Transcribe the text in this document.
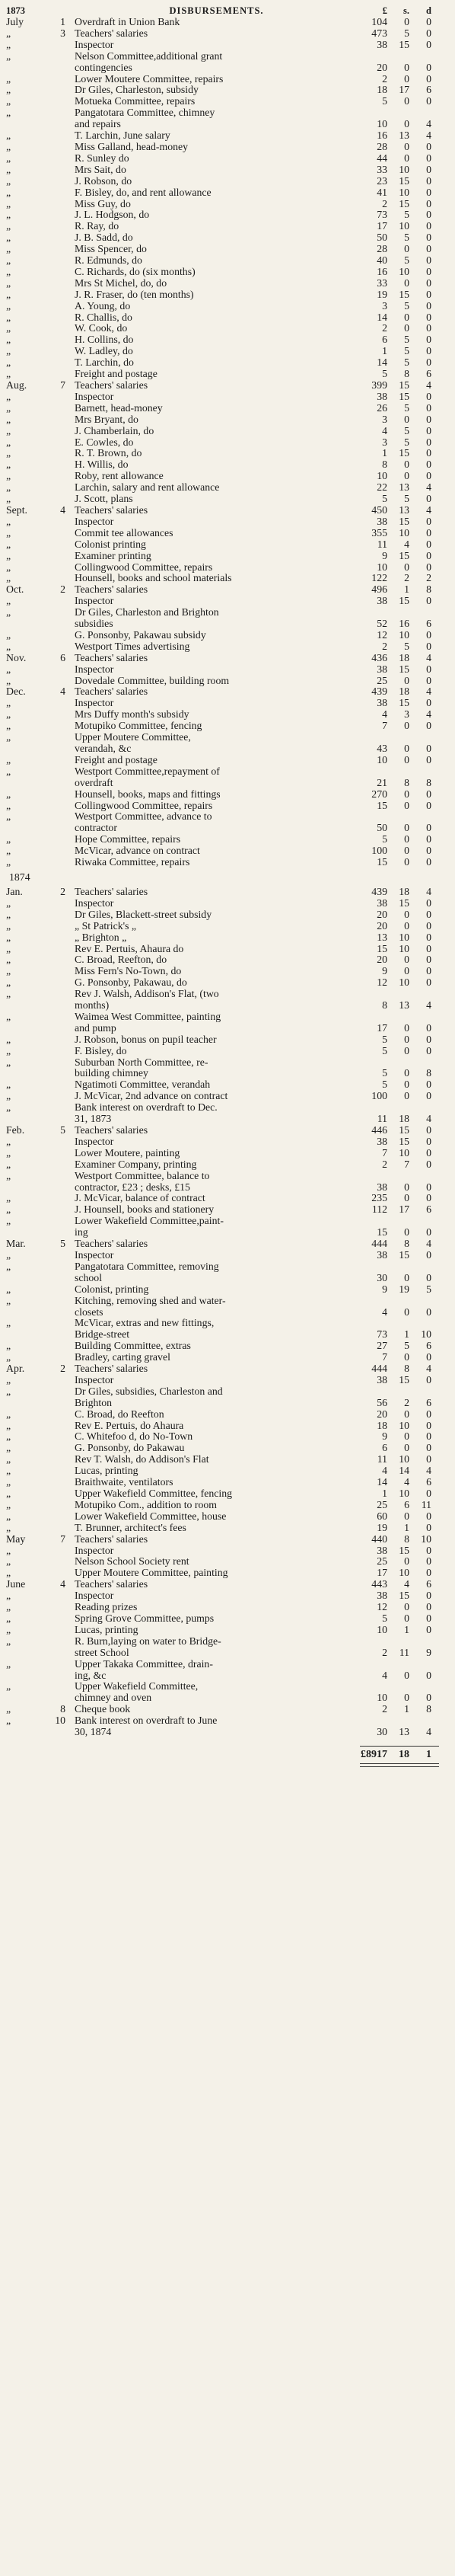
1873	DISBURSEMENTS.	£	s.	d
July	1 Overdraft in Union Bank	104	0	0
„	3 Teachers' salaries	473	5	0
„	Inspector	38	15	0
„	Nelson Committee,additional grant
contingencies	20	0	0
„	Lower Moutere Committee, repairs	2	0	0
„	Dr Giles, Charleston, subsidy	18	17	6
„	Motueka Committee, repairs	5	0	0
„	Pangatotara Committee, chimney
and repairs	10	0	4
„	T. Larchin, June salary	16	13	4
„	Miss Galland, head-money	28	0	0
„	R. Sunley do	44	0	0
„	Mrs Sait, do	33	10	0
„	J. Robson, do	23	15	0
„	F. Bisley, do, and rent allowance	41	10	0
„	Miss Guy, do	2	15	0
„	J. L. Hodgson, do	73	5	0
„	R. Ray, do	17	10	0
„	J. B. Sadd, do	50	5	0
„	Miss Spencer, do	28	0	0
„	R. Edmunds, do	40	5	0
„	C. Richards, do (six months)	16	10	0
„	Mrs St Michel, do, do	33	0	0
„	J. R. Fraser, do (ten months)	19	15	0
„	A. Young, do	3	5	0
„	R. Challis, do	14	0	0
„	W. Cook, do	2	0	0
„	H. Collins, do	6	5	0
„	W. Ladley, do	1	5	0
„	T. Larchin, do	14	5	0
„	Freight and postage	5	8	6
Aug.	7 Teachers' salaries	399	15	4
„	Inspector	38	15	0
„	Barnett, head-money	26	5	0
„	Mrs Bryant, do	3	0	0
„	J. Chamberlain, do	4	5	0
„	E. Cowles, do	3	5	0
„	R. T. Brown, do	1	15	0
„	H. Willis, do	8	0	0
„	Roby, rent allowance	10	0	0
„	Larchin, salary and rent allowance	22	13	4
„	J. Scott, plans	5	5	0
Sept.	4 Teachers' salaries	450	13	4
„	Inspector	38	15	0
„	Commit tee allowances	355	10	0
„	Colonist printing	11	4	0
„	Examiner printing	9	15	0
„	Collingwood Committee, repairs	10	0	0
„	Hounsell, books and school materials	122	2	2
Oct.	2 Teachers' salaries	496	1	8
„	Inspector	38	15	0
„	Dr Giles, Charleston and Brighton
subsidies	52	16	6
„	G. Ponsonby, Pakawau subsidy	12	10	0
„	Westport Times advertising	2	5	0
Nov.	6 Teachers' salaries	436	18	4
„	Inspector	38	15	0
„	Dovedale Committee, building room	25	0	0
Dec.	4 Teachers' salaries	439	18	4
„	Inspector	38	15	0
„	Mrs Duffy month's subsidy	4	3	4
„	Motupiko Committee, fencing	7	0	0
„	Upper Moutere Committee,
verandah, &c	43	0	0
„	Freight and postage	10	0	0
„	Westport Committee,repayment of
overdraft	21	8	8
„	Hounsell, books, maps and fittings	270	0	0
„	Collingwood Committee, repairs	15	0	0
„	Westport Committee, advance to
contractor	50	0	0
„	Hope Committee, repairs	5	0	0
„	McVicar, advance on contract	100	0	0
„	Riwaka Committee, repairs	15	0	0
1874
Jan.	2 Teachers' salaries	439	18	4
„	Inspector	38	15	0
„	Dr Giles, Blackett-street subsidy	20	0	0
„	„ St Patrick's „	20	0	0
„	„ Brighton „	13	10	0
„	Rev E. Pertuis, Ahaura do	15	10	0
„	C. Broad, Reefton, do	20	0	0
„	Miss Fern's No-Town, do	9	0	0
„	G. Ponsonby, Pakawau, do	12	10	0
„	Rev J. Walsh, Addison's Flat, (two
months)	8	13	4
„	Waimea West Committee, painting
and pump	17	0	0
„	J. Robson, bonus on pupil teacher	5	0	0
„	F. Bisley, do	5	0	0
„	Suburban North Committee, re-
building chimney	5	0	8
„	Ngatimoti Committee, verandah	5	0	0
„	J. McVicar, 2nd advance on contract	100	0	0
„	Bank interest on overdraft to Dec.
31, 1873	11	18	4
Feb.	5 Teachers' salaries	446	15	0
„	Inspector	38	15	0
„	Lower Moutere, painting	7	10	0
„	Examiner Company, printing	2	7	0
„	Westport Committee, balance to
contractor, £23 ; desks, £15	38	0	0
„	J. McVicar, balance of contract	235	0	0
„	J. Hounsell, books and stationery	112	17	6
„	Lower Wakefield Committee,paint-
ing	15	0	0
Mar.	5 Teachers' salaries	444	8	4
„	Inspector	38	15	0
„	Pangatotara Committee, removing
school	30	0	0
„	Colonist, printing	9	19	5
„	Kitching, removing shed and water-
closets	4	0	0
„	McVicar, extras and new fittings,
Bridge-street	73	1	10
„	Building Committee, extras	27	5	6
„	Bradley, carting gravel	7	0	0
Apr.	2 Teachers' salaries	444	8	4
„	Inspector	38	15	0
„	Dr Giles, subsidies, Charleston and
Brighton	56	2	6
„	C. Broad, do Reefton	20	0	0
„	Rev E. Pertuis, do Ahaura	18	10	0
„	C. Whitefoo d, do No-Town	9	0	0
„	G. Ponsonby, do Pakawau	6	0	0
„	Rev T. Walsh, do Addison's Flat	11	10	0
„	Lucas, printing	4	14	4
„	Braithwaite, ventilators	14	4	6
„	Upper Wakefield Committee, fencing	1	10	0
„	Motupiko Com., addition to room	25	6	11
„	Lower Wakefield Committee, house	60	0	0
„	T. Brunner, architect's fees	19	1	0
May	7 Teachers' salaries	440	8	10
„	Inspector	38	15	0
„	Nelson School Society rent	25	0	0
„	Upper Moutere Committee, painting	17	10	0
June	4 Teachers' salaries	443	4	6
„	Inspector	38	15	0
„	Reading prizes	12	0	0
„	Spring Grove Committee, pumps	5	0	0
„	Lucas, printing	10	1	0
„	R. Burn,laying on water to Bridge-
street School	2	11	9
„	Upper Takaka Committee, drain-
ing, &c	4	0	0
„	Upper Wakefield Committee,
chimney and oven	10	0	0
„	8 Cheque book	2	1	8
„	10 Bank interest on overdraft to June
30, 1874	30	13	4
£8917	18	1
